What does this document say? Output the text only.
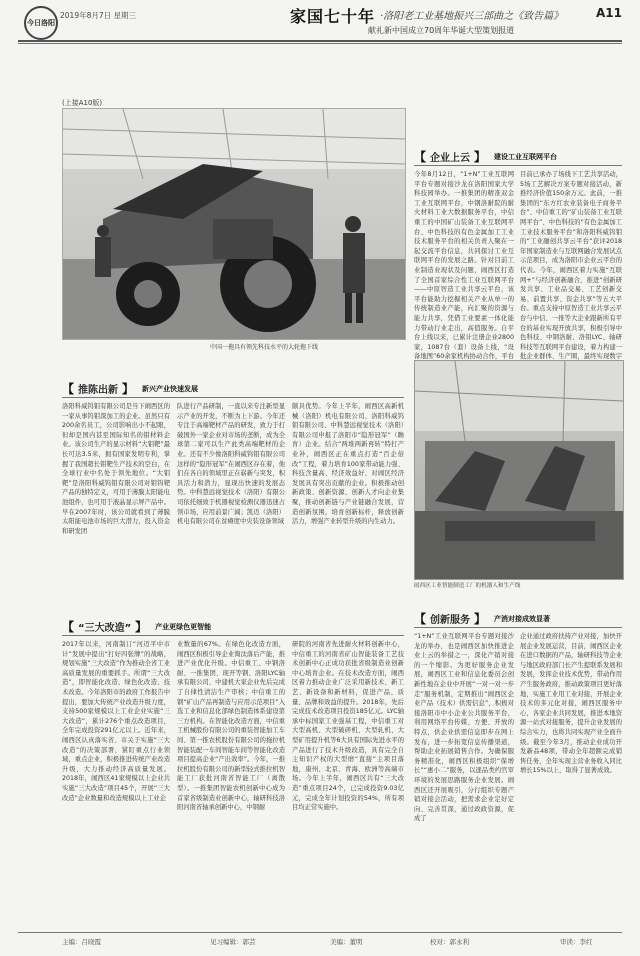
今日洛阳
2019年8月7日 星期三	家国七十年 ·洛阳老工业基地振兴三部曲之《致告篇》	A11
献礼新中国成立70周年华诞大型策划报道
(上接A10版)
中国一拖具有领先科技水平的大轮拖下线
【 推陈出新 】 新兴产业快速发展
洛阳科威钨钼有限公司是当下闹西区的一家从事钨钼深加工的企业。虽然只有200余名员工，公司影响出小不起眼，但却是国内甚至国际知名的钼材料企业。该公司生产的显示材料“大钼靶”最长可达3.5米，拥有国家发明专利，掌握了我国超长钼靶生产技术的空白，在全球行业中名处于领先地位。“大钼靶”是洛阳科威钨钼有限公司对钼钨靶产品的独特定义，可用于薄膜太阳能电池组件，也可用于液晶显示屏产品中。早在2007年时，该公司就看到了薄膜太阳能电池市场的巨大潜力，投入资金和研发团
队进行产品研制，一直以来专注新型显示产业的开发，不断为上下游。今年还专注于高端靶材产品的研发，致力于打破国外一家企业对市场的垄断，成为全球第二家可以生产此类高端靶材的企业。还有不少像洛阳科威钨钼有限公司这样的“隐形冠军”在闹西区存在着，他们在各自的领域里正在崭新与突发，积具活力和潜力，显现出快速的发展态势。中科慧远视觉技术（洛阳）有限公司依托细致于机器视觉检测仪器迅速占领市场，应用前景广阔；凯迈（洛阳）机电有限公司在贫瘠度中央装设备领域
颇具优势。今年上半年，闹西区高新机械（洛阳）机电有限公司、洛阳科威钨钼有限公司、中科慧远视觉技术（洛阳）有限公司申报了洛阳市“隐形冠军”（瞻育）企业。结合“两堆两新再转”特打产业补，闹西区正在重点打造“百企倍改”工程，着力培育100家带动能力强、科技含量高、经济效益好、对闹区经济发展具有突出贡献的企业。积极推动创新政策、创新资源、创新人才向企业集聚，推动创新链与产业链融合发展，营造创新氛围，培育创新标杆，释放创新活力，增强产业转型升级的内生动力。
【 企业上云 】 建设工业互联网平台
今年8月12日，“1+N”工业互联网平台专题对接沙龙在洛阳国家大学科技园举办。一推集团的精准双金工业互联网平台，中钢洛耐院的耐火材料工业大数据服务平台，中信重工的中国矿山装备工业互联网平台、中色科技的有色金属加工工业技术服务平台的相关负责人聚在一起交流平台信息，共同探讨工业互联网平台的发展之路。针对目前工业制造业现状及问题，闹西区打造了全国首家综合性工业互联网平台——中原智造工业共享云平台，该平台能助力挖掘相关产业从单一的传统制造业产能，向汇聚的资源与能力共享，凭借工业要素一体化能力带动行业走出，高值服务。自平台上线以来，已累计注册企业2800家，1087台（套）设备上线，“设备地图”60余家机构协动合作，平台
目前已承办了场线下工艺共享活动，5场工艺解决方案专题对接活动，新推经济价值150余万元。此前，一推集团的“东方红农业装备电子商务平台”、中信重工的“矿山装备工业互联网平台”、中色科技的“有色金属加工工业技术服务平台”和洛阳科威钨钼的“工业融创共享云平台”获评2018年国家制造业与互联网融合发展试点示范项目，成为洛阳市企业云平台的代表。今年，闹西区着力实施“互联网+”与经济创新融合，推进“创新研发共享、工业品交易、工艺创新交易、前置共享、资金共享”等五大平台。重点支持中原智造工业共享云平台与中信、一推等大企业跟新所有平台的基业实现开放共享，积极引导中色科技、中钢洛耐、洛钼LYC、轴研科技等互联网平台建设，着力构建一批企业群体、生产圈，最终实现数字
闹西区工业智能制造工厂的机器人和生产线
【 “三大改造” 】 产业更绿色更智能
2017年以来，河南制订“河迈平中市计”发展中提出“打好四张牌”的战略，规划实施“三大改造”作为推动全省工业高质量发展的重要抓手。所谓“三大改造”，即智能化改造、绿色化改造、技术改造。今年洛阳市的政府工作报告中提出，要加大传统产业改造升级力度，支持500家规模以上工业企业实施“三大改造”，累计276个重点改造项目，全年完成投资291亿元以上。近年来，闹西区认真落实省、市关于实施“三大改造”的决策部署，紧盯重点行业领域，重点企业，积极推进传统产业改造升级，大力推动经济高质量发展。2018年，闹西区41家规模以上企业共实施“三大改造”项目45个，开展“三大改造”企业数量和改造规模以上工业企
业数量的67%。在绿色化改造方面，闹西区积极引导企业淘汰落后产能，推进产业优化升级。中信重工、中钢洛耐、一推集团、现开等钢、洛阳LYC轴承有限公司、中建机大家企业先后完成了自律性清洁生产审核；中信重工的钢“矿山产品再制造与应用示范项目”入选工业和信息化部绿色制造体系建设第三方机构。在智能化改造方面，中信重工机械股份有限公司的重装智能加工车间、第一推农机股份有限公司的拖拉机智能装配一车间智能车间等智能化改造项目提高企业“产出效率”。今年，一推拉机股份有限公司的新型轻式推拉机智能工厂获批河南省智能工厂（离散型）。一推集团智能农机创新中心成为首家省级制造业创新中心，轴研科技洛阳河南省轴承创新中心，中钢耐
研院的河南省先进耐火材料创新中心，中信重工的河南省矿山智能装备工艺技术创新中心正成功获批省级制造业创新中心培育企业。在技术改造方面，闹西区着力推动企业广泛采用新技术、新工艺、新设备和新材料，促进产品、质量、品牌和效益的提升。2018年，先后完成技术改造项目投资185亿元。LYC轴承中标国家工业强基工程，中信重工对大型高机、大型破碎机、大型轧机、大型矿用提升机等6大具有国际先进水平的产品进行了技术升级改造，具有完全自主知识产权的大型磨“直接”主项目落地，康州、北京、青海、欧洲等高端市场。今年上半年，闹西区共有“三大改造”重点项目24个，已完成投资9.03亿元，完成全年计划投资的54%，所有项目均正常实施中。
【 创新服务 】 产消对接成效显著
“1+N”工业互联网平台专题对接沙龙的举办，也是闹西区加快推进企业上云的举措之一，深化产销对接的一个缩影。为更好服务企业发展，闹西区工业和信息化委员会创新性地在企业中开展“一对一对一步走”服务机制，定期推出“闹西区企业产品（技术）供需信息”，积极对接洛阳市中小企业公共服务平台，利用网络平台传媒、方便、开放的特点，供企业供需信息即步在网上发布，进一步拓宽信息传播渠道，帮助企业拓展销售合作。为确保服务精准化，闹西区积极组织“保增长”“惠小二”服务，以逐品类约官审环境的发展思路服务企业发展。闹西区还开展吸引，分行组织专题产销对接会活动，把需求企业定好定向、完善贯深，通过政政资源，促成了
企业通过政府扶持产业对接，加快开展企业发展运营，目前，闹西区企业在进口数据的产品，轴研科技等企业与地区政府部门长产生提联系发展和发展，发挥企业技术优势，带动作用产生服务政府，推动政策项目更好落地，实施工业用工业对接，开展企业技术的多元化对接，闹西区服务中心，各家企业共同发展，推进本地资源一站式对接服务，提升企业发展的综合实力，也将共同实现产业全面升级。截至今年3月，推动企业成功开发新品48项，带动全年超额完成销售任务，全年实现主营业务收入同比增长15%以上，取得了显著成效。
主编：吕晓霞	见习编辑：郭芸	美编：董明	校对：郭永利	审读：李红
